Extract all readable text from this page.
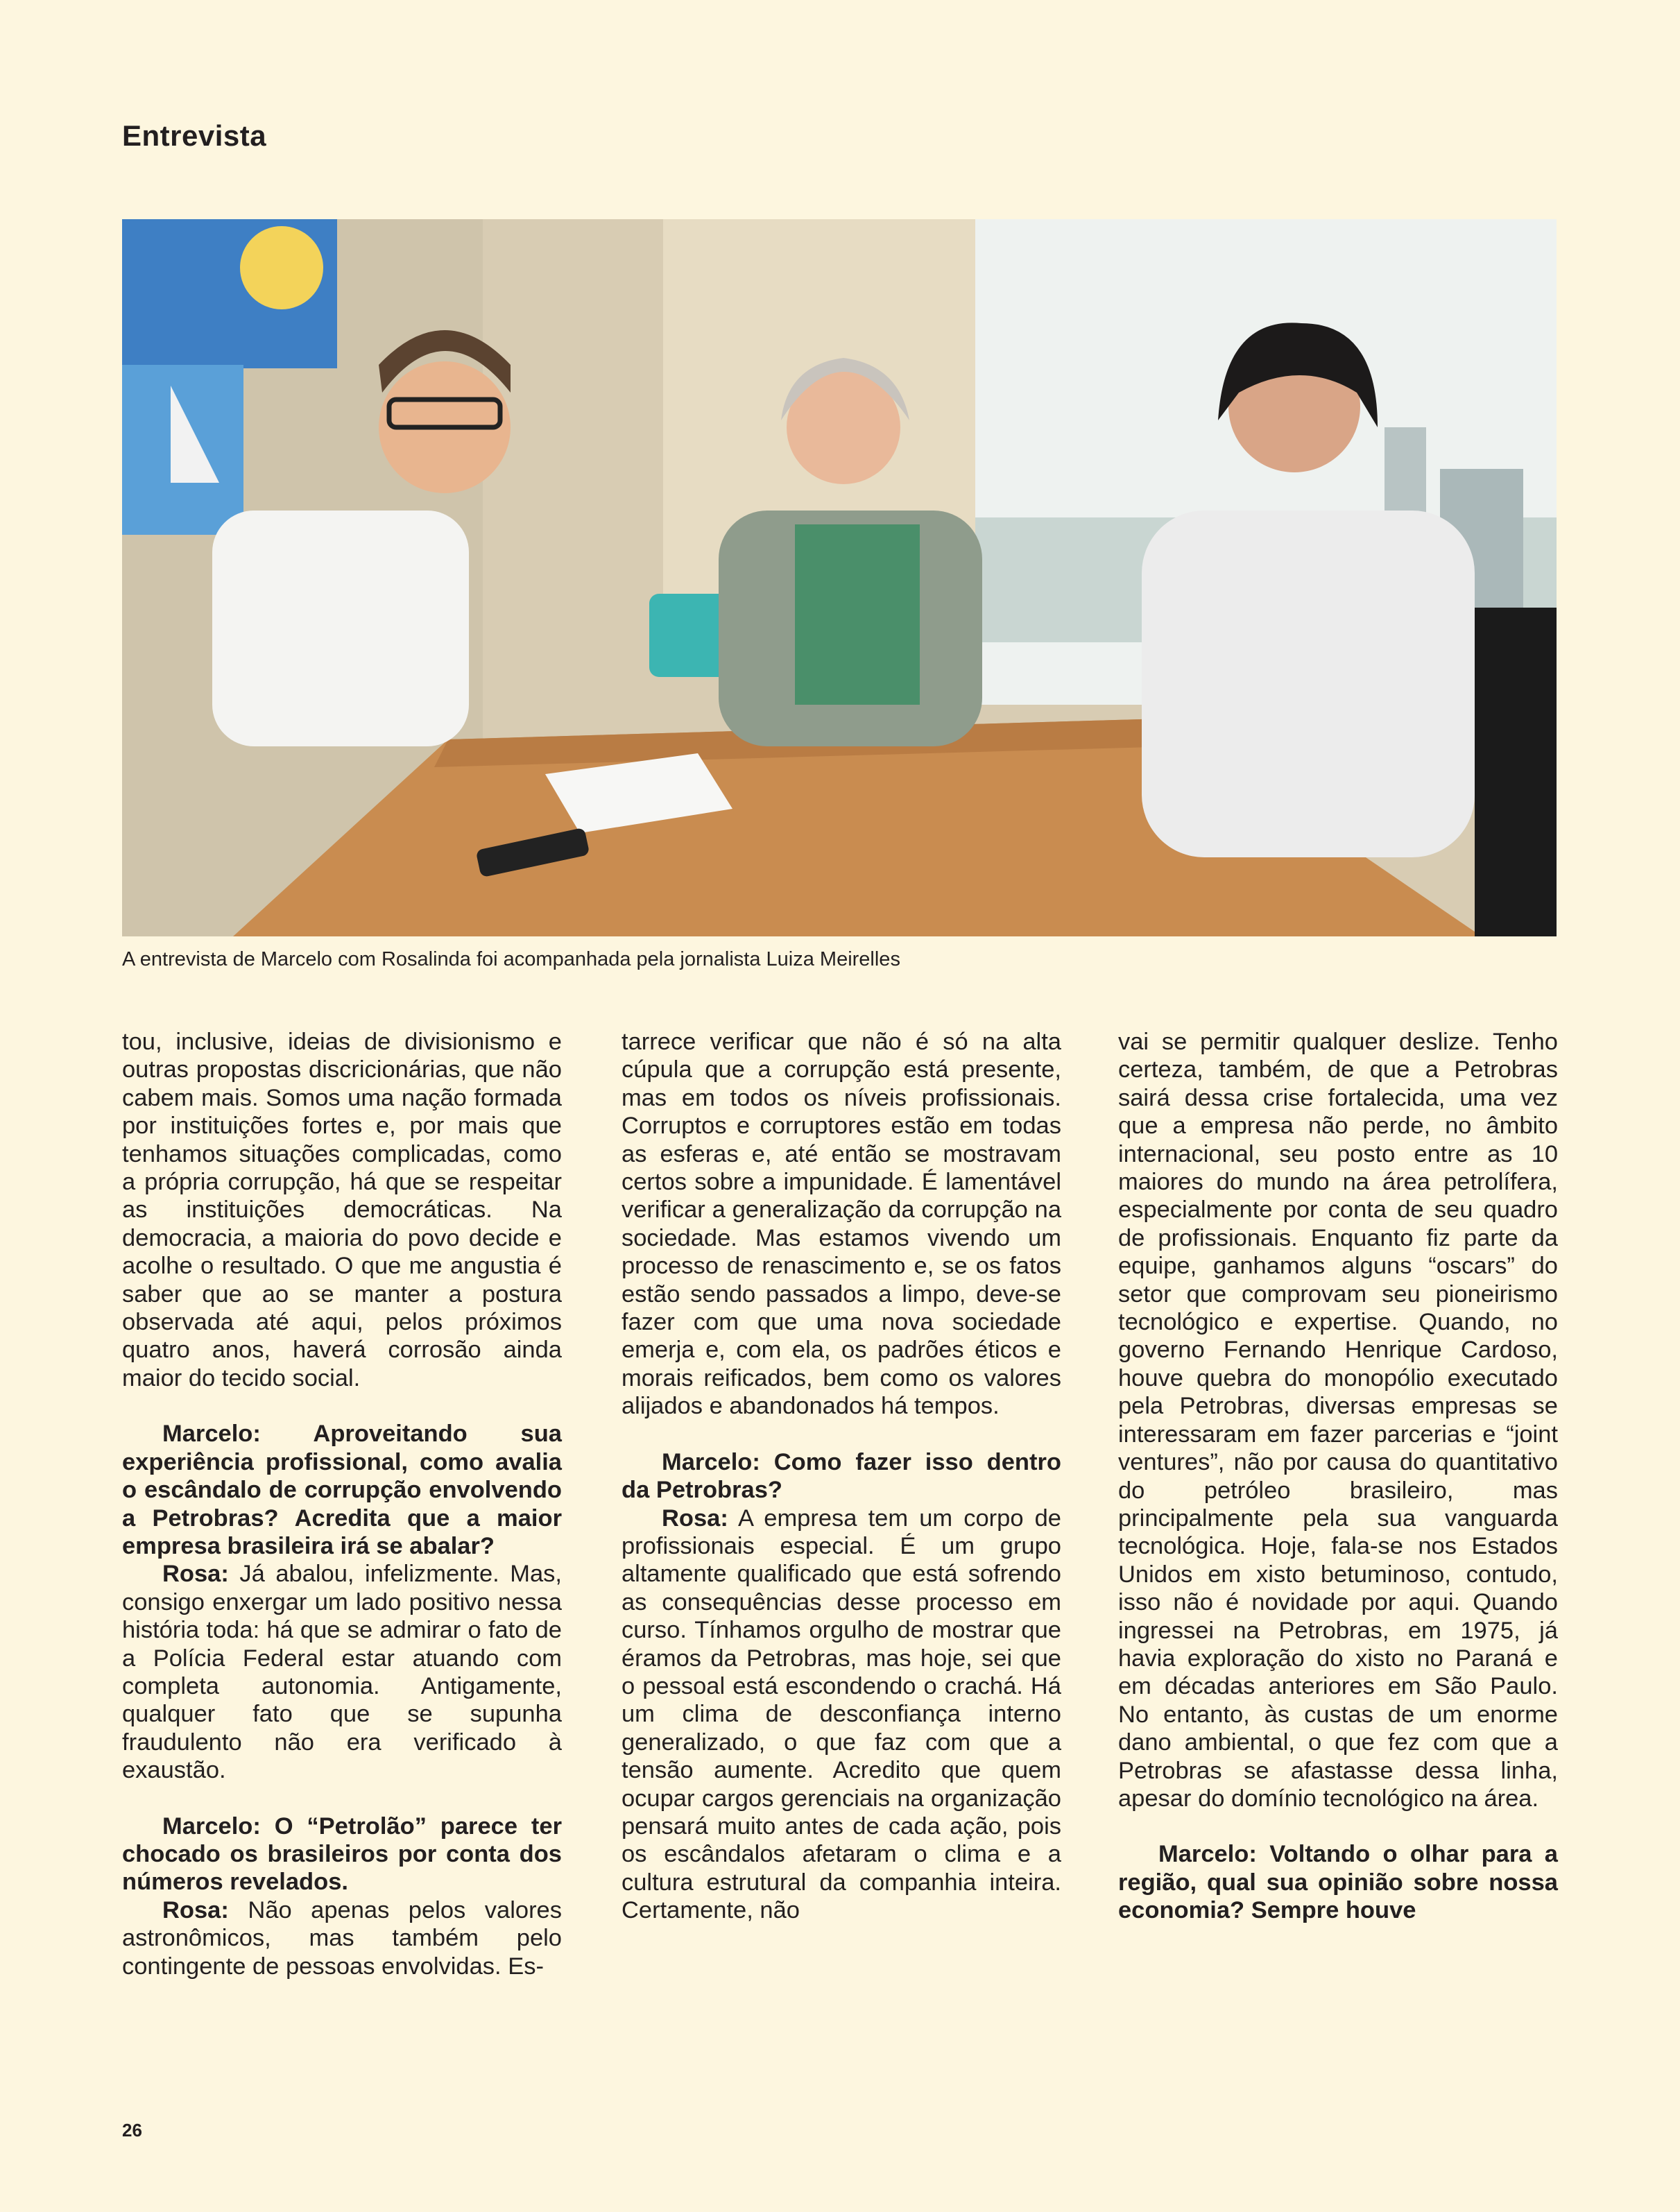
Entrevista
A entrevista de Marcelo com Rosalinda foi acompanhada pela jornalista Luiza Meirelles

tou, inclusive, ideias de divisionismo e outras propostas discricionárias, que não cabem mais. Somos uma nação formada por instituições fortes e, por mais que tenhamos situações complicadas, como a própria corrupção, há que se respeitar as instituições democráticas. Na democracia, a maioria do povo decide e acolhe o resultado. O que me angustia é saber que ao se manter a postura observada até aqui, pelos próximos quatro anos, haverá corrosão ainda maior do tecido social.

Marcelo: Aproveitando sua experiência profissional, como avalia o escândalo de corrupção envolvendo a Petrobras? Acredita que a maior empresa brasileira irá se abalar?

Rosa: Já abalou, infelizmente. Mas, consigo enxergar um lado positivo nessa história toda: há que se admirar o fato de a Polícia Federal estar atuando com completa autonomia. Antigamente, qualquer fato que se supunha fraudulento não era verificado à exaustão.

Marcelo: O “Petrolão” parece ter chocado os brasileiros por conta dos números revelados.

Rosa: Não apenas pelos valores astronômicos, mas também pelo contingente de pessoas envolvidas. Es-

tarrece verificar que não é só na alta cúpula que a corrupção está presente, mas em todos os níveis profissionais. Corruptos e corruptores estão em todas as esferas e, até então se mostravam certos sobre a impunidade. É lamentável verificar a generalização da corrupção na sociedade. Mas estamos vivendo um processo de renascimento e, se os fatos estão sendo passados a limpo, deve-se fazer com que uma nova sociedade emerja e, com ela, os padrões éticos e morais reificados, bem como os valores alijados e abandonados há tempos.

Marcelo: Como fazer isso dentro da Petrobras?

Rosa: A empresa tem um corpo de profissionais especial. É um grupo altamente qualificado que está sofrendo as consequências desse processo em curso. Tínhamos orgulho de mostrar que éramos da Petrobras, mas hoje, sei que o pessoal está escondendo o crachá. Há um clima de desconfiança interno generalizado, o que faz com que a tensão aumente. Acredito que quem ocupar cargos gerenciais na organização pensará muito antes de cada ação, pois os escândalos afetaram o clima e a cultura estrutural da companhia inteira. Certamente, não

vai se permitir qualquer deslize. Tenho certeza, também, de que a Petrobras sairá dessa crise fortalecida, uma vez que a empresa não perde, no âmbito internacional, seu posto entre as 10 maiores do mundo na área petrolífera, especialmente por conta de seu quadro de profissionais. Enquanto fiz parte da equipe, ganhamos alguns “oscars” do setor que comprovam seu pioneirismo tecnológico e expertise. Quando, no governo Fernando Henrique Cardoso, houve quebra do monopólio executado pela Petrobras, diversas empresas se interessaram em fazer parcerias e “joint ventures”, não por causa do quantitativo do petróleo brasileiro, mas principalmente pela sua vanguarda tecnológica. Hoje, fala-se nos Estados Unidos em xisto betuminoso, contudo, isso não é novidade por aqui. Quando ingressei na Petrobras, em 1975, já havia exploração do xisto no Paraná e em décadas anteriores em São Paulo. No entanto, às custas de um enorme dano ambiental, o que fez com que a Petrobras se afastasse dessa linha, apesar do domínio tecnológico na área.

Marcelo: Voltando o olhar para a região, qual sua opinião sobre nossa economia? Sempre houve

26
